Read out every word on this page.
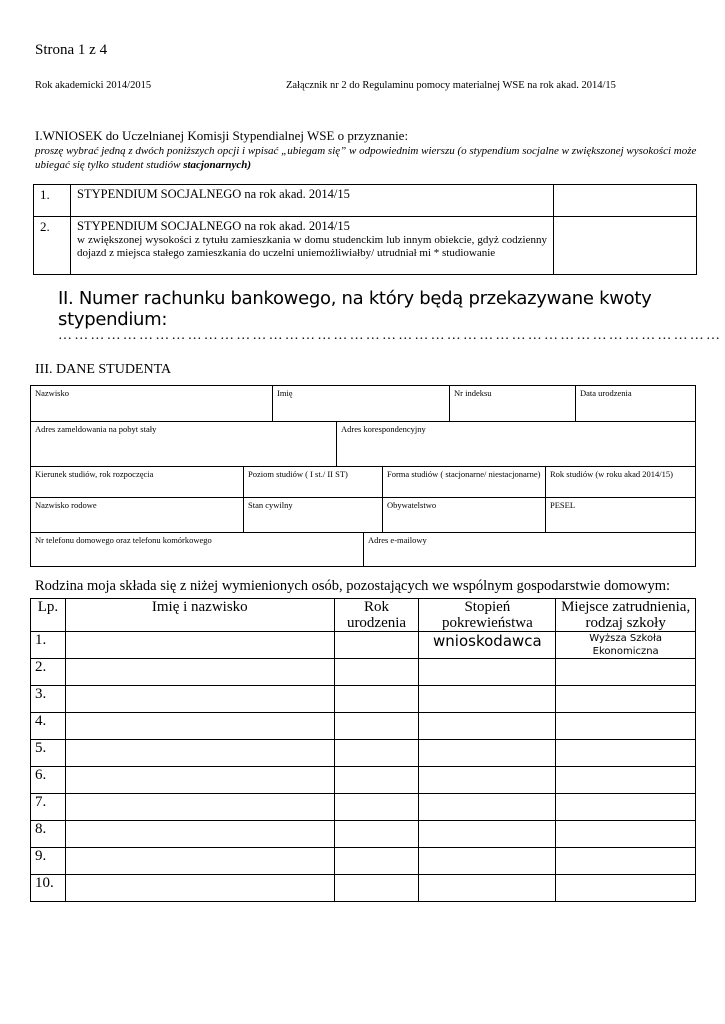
Strona 1 z 4
Rok akademicki 2014/2015	Załącznik nr 2 do Regulaminu pomocy materialnej WSE na rok akad. 2014/15
I.WNIOSEK do Uczelnianej Komisji Stypendialnej WSE o przyznanie:
proszę wybrać jedną z dwóch poniższych opcji i wpisać „ubiegam się” w odpowiednim wierszu (o stypendium socjalne w zwiększonej wysokości może ubiegać się tylko student studiów stacjonarnych)
1.	STYPENDIUM SOCJALNEGO na rok akad. 2014/15	
2.	STYPENDIUM SOCJALNEGO na rok akad. 2014/15
w zwiększonej wysokości z tytułu zamieszkania w domu studenckim lub innym obiekcie, gdyż codzienny dojazd z miejsca stałego zamieszkania do uczelni uniemożliwiałby/ utrudniał mi * studiowanie	

II. Numer rachunku bankowego, na który będą przekazywane kwoty stypendium:
……………………………………………………………………………………………………………
III. DANE STUDENTA
Nazwisko	Imię	Nr indeksu	Data urodzenia
Adres zameldowania na pobyt stały	Adres korespondencyjny
Kierunek studiów, rok rozpoczęcia	Poziom studiów ( I st./ II ST)	Forma studiów ( stacjonarne/ niestacjonarne)	Rok studiów (w roku akad 2014/15)
Nazwisko rodowe	Stan cywilny	Obywatelstwo	PESEL
Nr telefonu domowego oraz telefonu komórkowego	Adres e-mailowy
Rodzina moja składa się z niżej wymienionych osób, pozostających we wspólnym gospodarstwie domowym:
Lp.	Imię i nazwisko	Rok urodzenia	Stopień pokrewieństwa	Miejsce zatrudnienia, rodzaj szkoły
1.			wnioskodawca	Wyższa Szkoła Ekonomiczna
2.				
3.				
4.				
5.				
6.				
7.				
8.				
9.				
10.				
